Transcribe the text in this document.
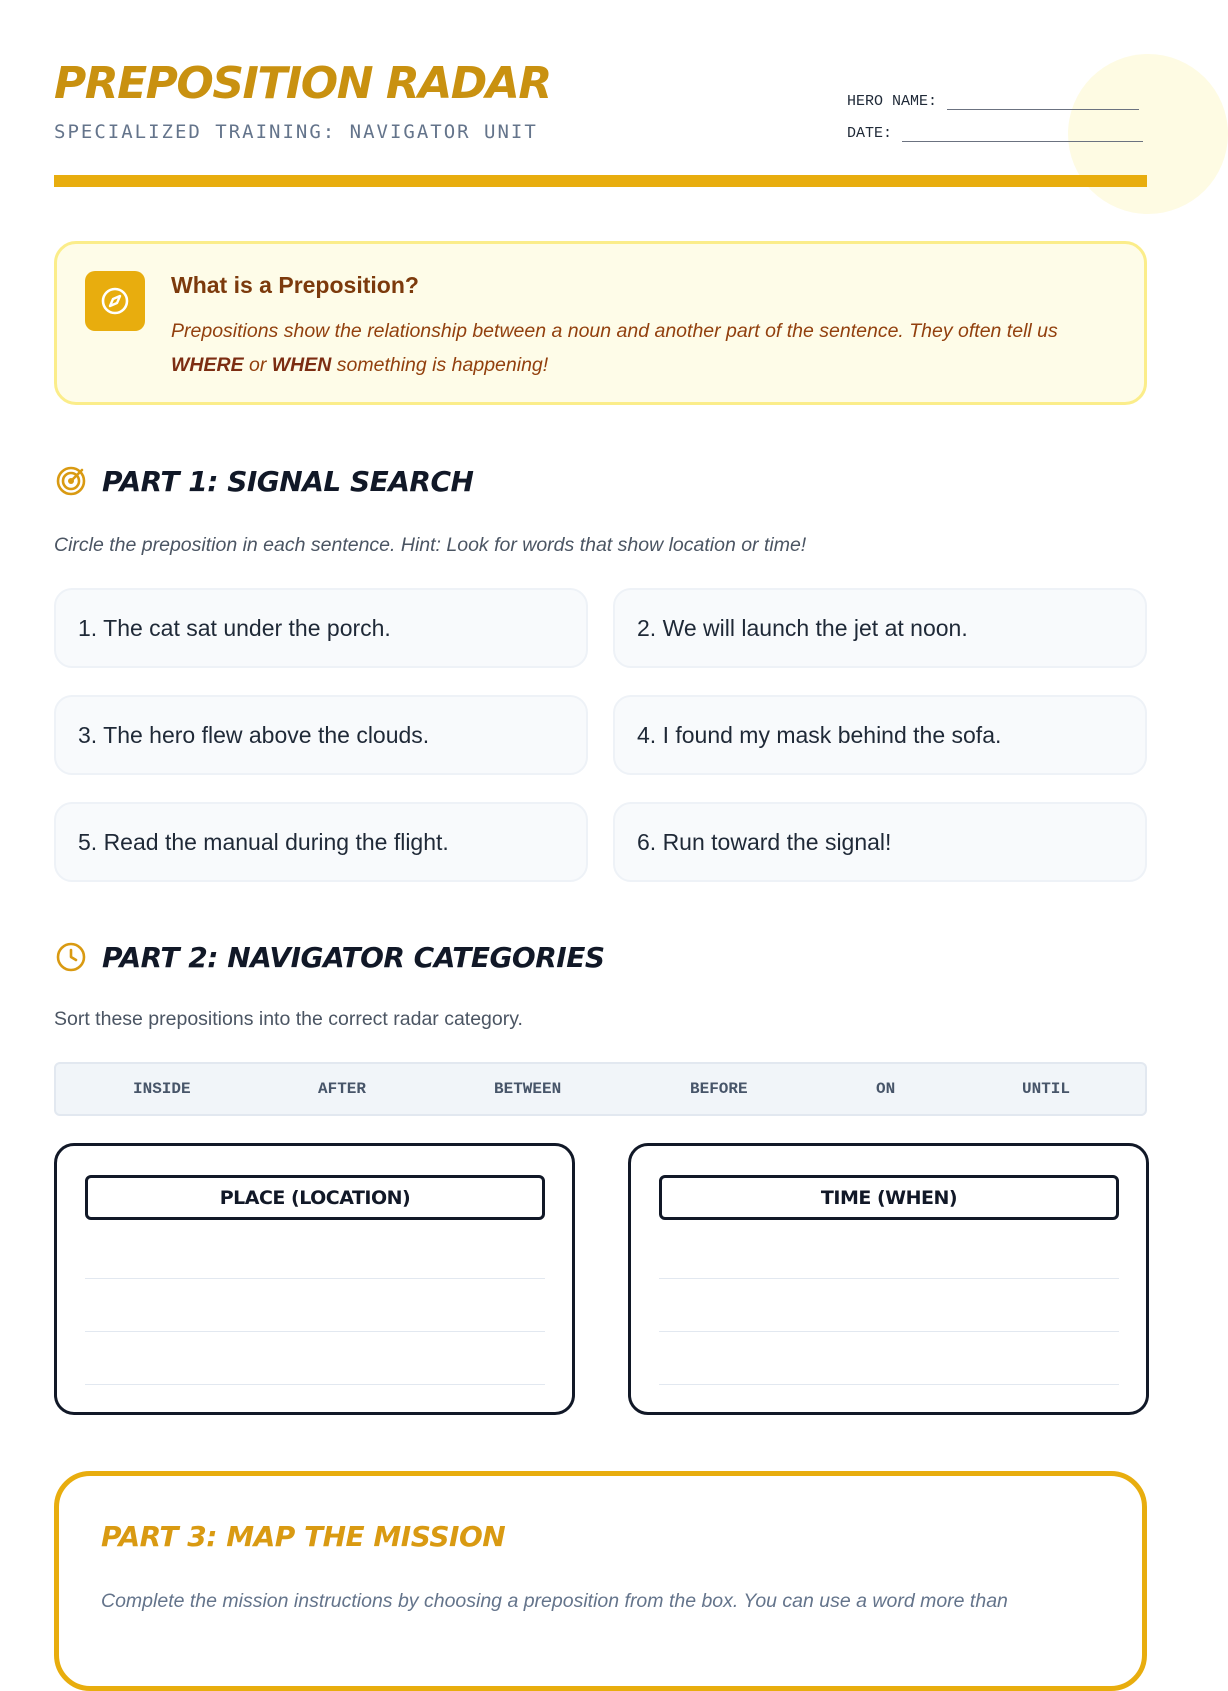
PREPOSITION RADAR
SPECIALIZED TRAINING: NAVIGATOR UNIT
HERO NAME:
DATE:
What is a Preposition?
Prepositions show the relationship between a noun and another part of the sentence. They often tell us WHERE or WHEN something is happening!
PART 1: SIGNAL SEARCH
Circle the preposition in each sentence. Hint: Look for words that show location or time!
1. The cat sat under the porch.	2. We will launch the jet at noon.
3. The hero flew above the clouds.	4. I found my mask behind the sofa.
5. Read the manual during the flight.	6. Run toward the signal!
PART 2: NAVIGATOR CATEGORIES
Sort these prepositions into the correct radar category.
INSIDE	AFTER	BETWEEN	BEFORE	ON	UNTIL
PLACE (LOCATION)	TIME (WHEN)
PART 3: MAP THE MISSION
Complete the mission instructions by choosing a preposition from the box. You can use a word more than
